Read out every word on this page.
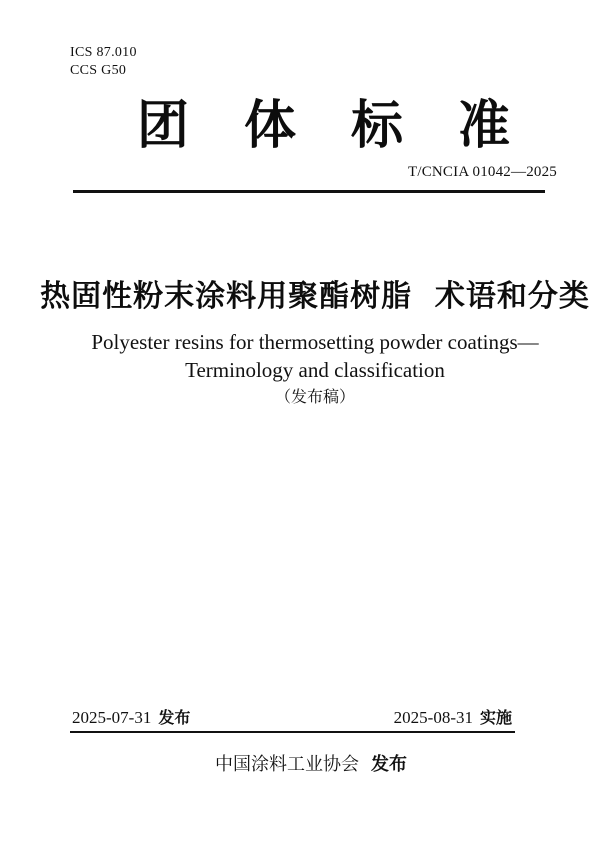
ICS 87.010
CCS G50
团 体 标 准
T/CNCIA 01042—2025
热固性粉末涂料用聚酯树脂 术语和分类
Polyester resins for thermosetting powder coatings—
Terminology and classification
（发布稿）
2025-07-31 发布	2025-08-31 实施
中国涂料工业协会 发布
